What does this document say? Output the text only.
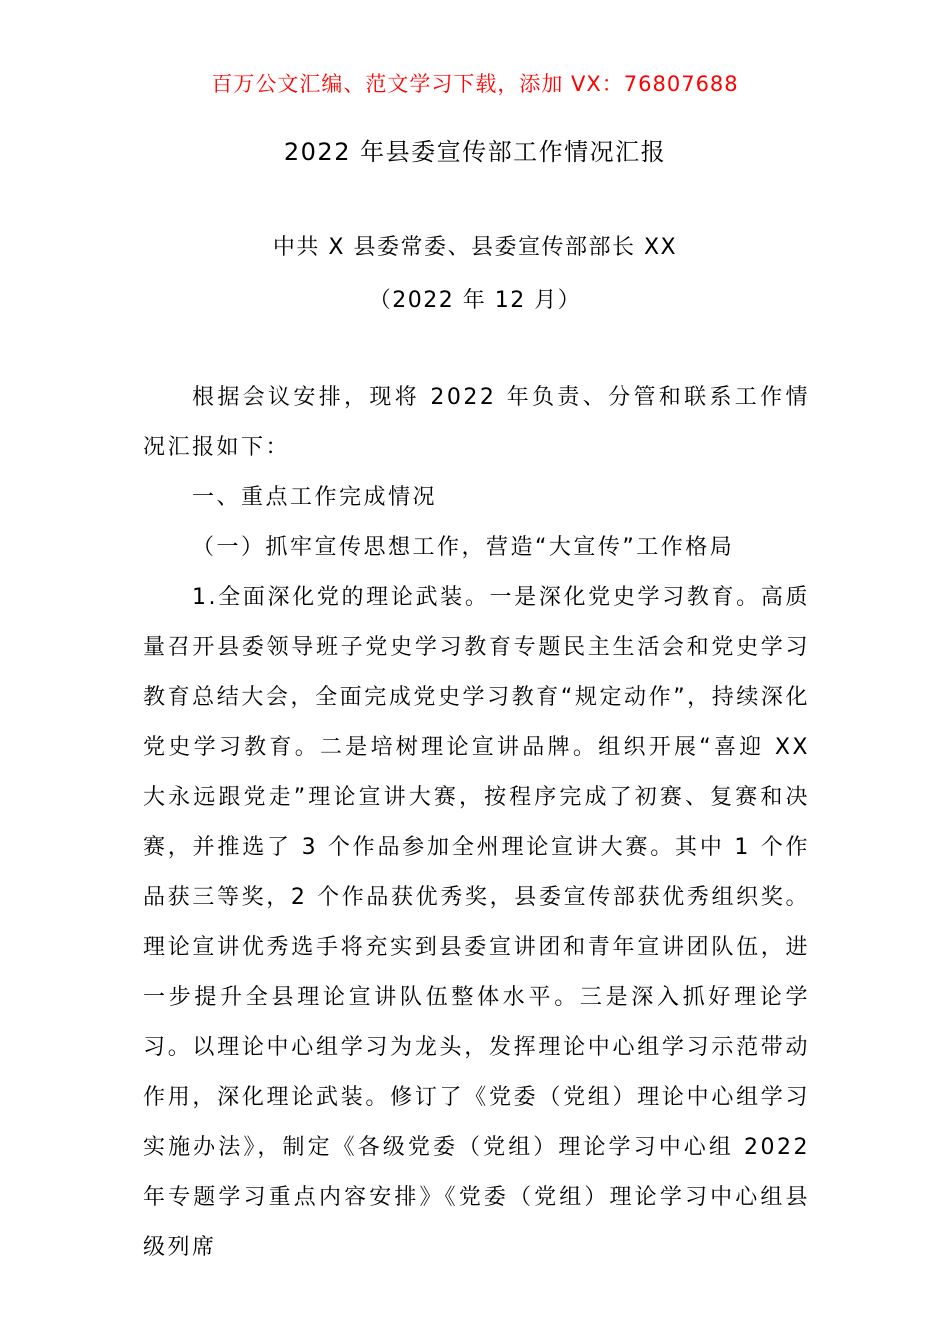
百万公文汇编、范文学习下载，添加 VX：76807688
2022 年县委宣传部工作情况汇报
中共 X 县委常委、县委宣传部部长 XX
（2022 年 12 月）

根据会议安排，现将 2022 年负责、分管和联系工作情况汇报如下：

一、重点工作完成情况

（一）抓牢宣传思想工作，营造“大宣传”工作格局

1.全面深化党的理论武装。一是深化党史学习教育。高质量召开县委领导班子党史学习教育专题民主生活会和党史学习教育总结大会，全面完成党史学习教育“规定动作”，持续深化党史学习教育。二是培树理论宣讲品牌。组织开展“喜迎 XX 大永远跟党走”理论宣讲大赛，按程序完成了初赛、复赛和决赛，并推选了 3 个作品参加全州理论宣讲大赛。其中 1 个作品获三等奖，2 个作品获优秀奖，县委宣传部获优秀组织奖。理论宣讲优秀选手将充实到县委宣讲团和青年宣讲团队伍，进一步提升全县理论宣讲队伍整体水平。三是深入抓好理论学习。以理论中心组学习为龙头，发挥理论中心组学习示范带动作用，深化理论武装。修订了《党委（党组）理论中心组学习实施办法》，制定《各级党委（党组）理论学习中心组 2022 年专题学习重点内容安排》《党委（党组）理论学习中心组县级列席
